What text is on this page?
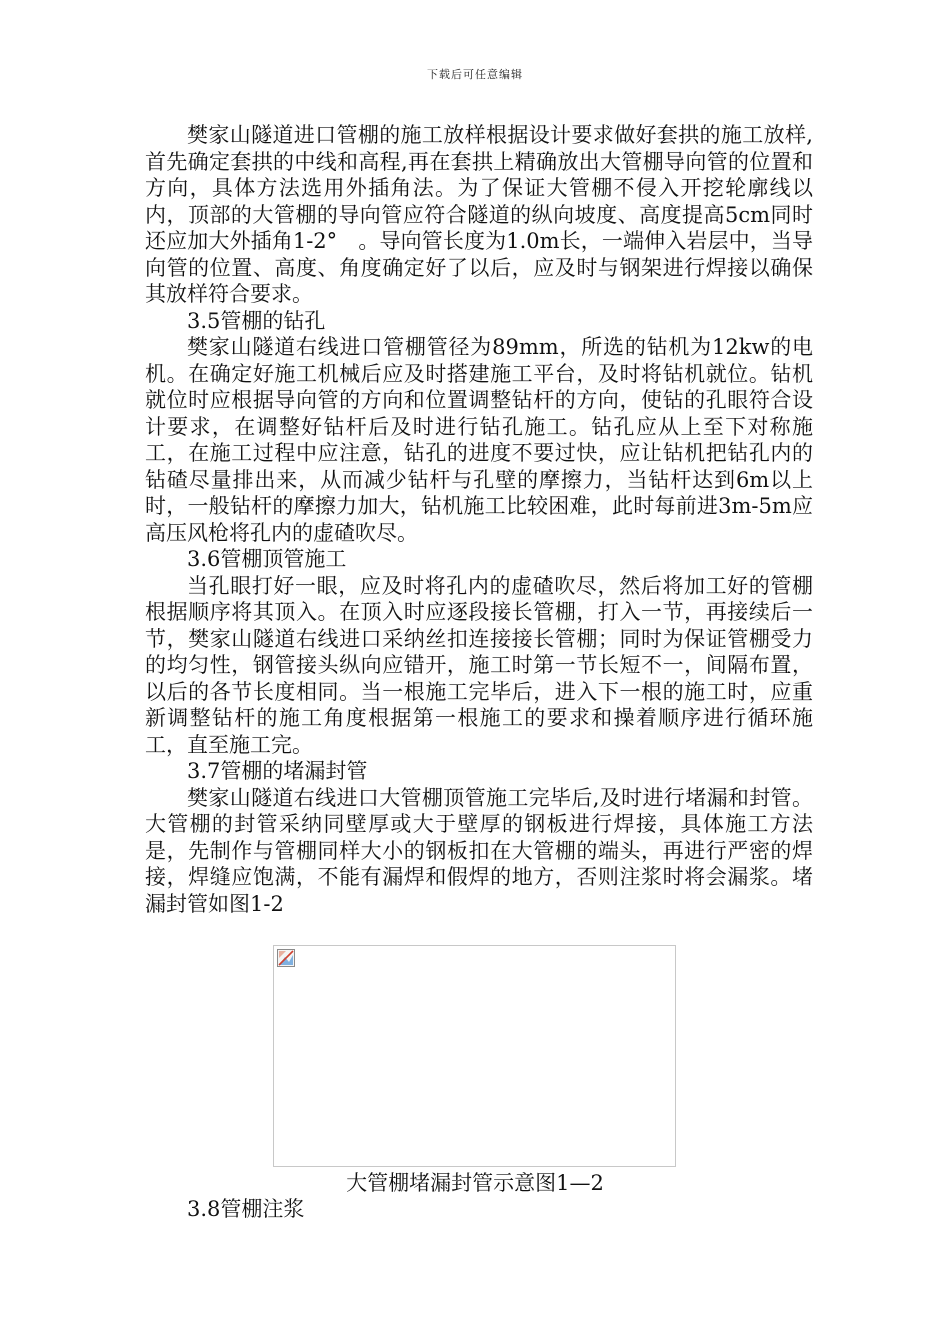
下载后可任意编辑

樊家山隧道进口管棚的施工放样根据设计要求做好套拱的施工放样,首先确定套拱的中线和高程,再在套拱上精确放出大管棚导向管的位置和方向，具体方法选用外插角法。为了保证大管棚不侵入开挖轮廓线以内，顶部的大管棚的导向管应符合隧道的纵向坡度、高度提高5cm同时还应加大外插角1-2°　。导向管长度为1.0m长，一端伸入岩层中，当导向管的位置、高度、角度确定好了以后，应及时与钢架进行焊接以确保其放样符合要求。

3.5管棚的钻孔

樊家山隧道右线进口管棚管径为89mm，所选的钻机为12kw的电机。在确定好施工机械后应及时搭建施工平台，及时将钻机就位。钻机就位时应根据导向管的方向和位置调整钻杆的方向，使钻的孔眼符合设计要求，在调整好钻杆后及时进行钻孔施工。钻孔应从上至下对称施工，在施工过程中应注意，钻孔的进度不要过快，应让钻机把钻孔内的钻碴尽量排出来，从而减少钻杆与孔壁的摩擦力，当钻杆达到6m以上时，一般钻杆的摩擦力加大，钻机施工比较困难，此时每前进3m-5m应高压风枪将孔内的虚碴吹尽。

3.6管棚顶管施工

当孔眼打好一眼，应及时将孔内的虚碴吹尽，然后将加工好的管棚根据顺序将其顶入。在顶入时应逐段接长管棚，打入一节，再接续后一节，樊家山隧道右线进口采纳丝扣连接接长管棚；同时为保证管棚受力的均匀性，钢管接头纵向应错开，施工时第一节长短不一，间隔布置，以后的各节长度相同。当一根施工完毕后，进入下一根的施工时，应重新调整钻杆的施工角度根据第一根施工的要求和操着顺序进行循环施工，直至施工完。

3.7管棚的堵漏封管

樊家山隧道右线进口大管棚顶管施工完毕后,及时进行堵漏和封管。大管棚的封管采纳同壁厚或大于壁厚的钢板进行焊接，具体施工方法是，先制作与管棚同样大小的钢板扣在大管棚的端头，再进行严密的焊接，焊缝应饱满，不能有漏焊和假焊的地方，否则注浆时将会漏浆。堵漏封管如图1-2

大管棚堵漏封管示意图1—2
3.8管棚注浆
